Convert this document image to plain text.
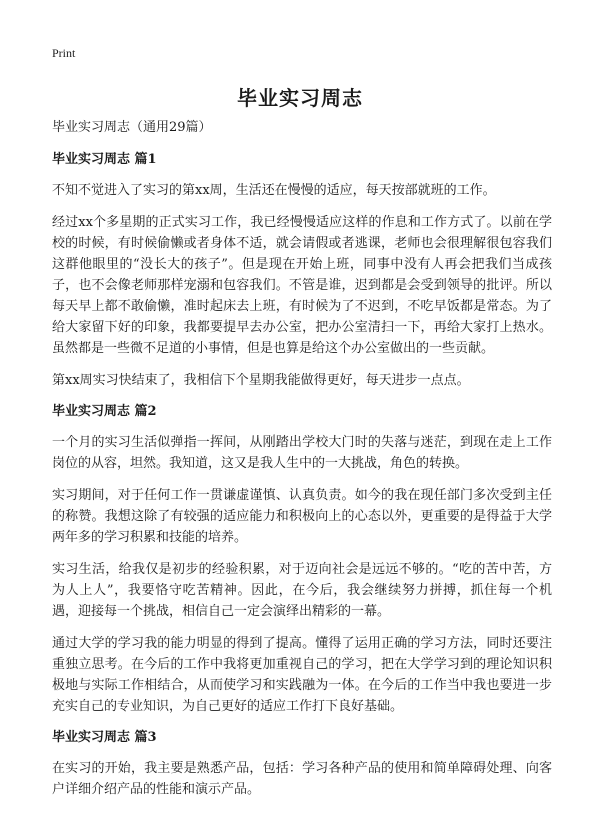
Print
毕业实习周志

毕业实习周志（通用29篇）

毕业实习周志 篇1

不知不觉进入了实习的第xx周，生活还在慢慢的适应，每天按部就班的工作。

经过xx个多星期的正式实习工作，我已经慢慢适应这样的作息和工作方式了。以前在学校的时候，有时候偷懒或者身体不适，就会请假或者逃课，老师也会很理解很包容我们这群他眼里的“没长大的孩子”。但是现在开始上班，同事中没有人再会把我们当成孩子，也不会像老师那样宠溺和包容我们。不管是谁，迟到都是会受到领导的批评。所以每天早上都不敢偷懒，准时起床去上班，有时候为了不迟到，不吃早饭都是常态。为了给大家留下好的印象，我都要提早去办公室，把办公室清扫一下，再给大家打上热水。虽然都是一些微不足道的小事情，但是也算是给这个办公室做出的一些贡献。

第xx周实习快结束了，我相信下个星期我能做得更好，每天进步一点点。

毕业实习周志 篇2

一个月的实习生活似弹指一挥间，从刚踏出学校大门时的失落与迷茫，到现在走上工作岗位的从容，坦然。我知道，这又是我人生中的一大挑战，角色的转换。

实习期间，对于任何工作一贯谦虚谨慎、认真负责。如今的我在现任部门多次受到主任的称赞。我想这除了有较强的适应能力和积极向上的心态以外，更重要的是得益于大学两年多的学习积累和技能的培养。

实习生活，给我仅是初步的经验积累，对于迈向社会是远远不够的。“吃的苦中苦，方为人上人”，我要恪守吃苦精神。因此，在今后，我会继续努力拼搏，抓住每一个机遇，迎接每一个挑战，相信自己一定会演绎出精彩的一幕。

通过大学的学习我的能力明显的得到了提高。懂得了运用正确的学习方法，同时还要注重独立思考。在今后的工作中我将更加重视自己的学习，把在大学学习到的理论知识积极地与实际工作相结合，从而使学习和实践融为一体。在今后的工作当中我也要进一步充实自己的专业知识，为自己更好的适应工作打下良好基础。

毕业实习周志 篇3

在实习的开始，我主要是熟悉产品，包括：学习各种产品的使用和简单障碍处理、向客户详细介绍产品的性能和演示产品。
